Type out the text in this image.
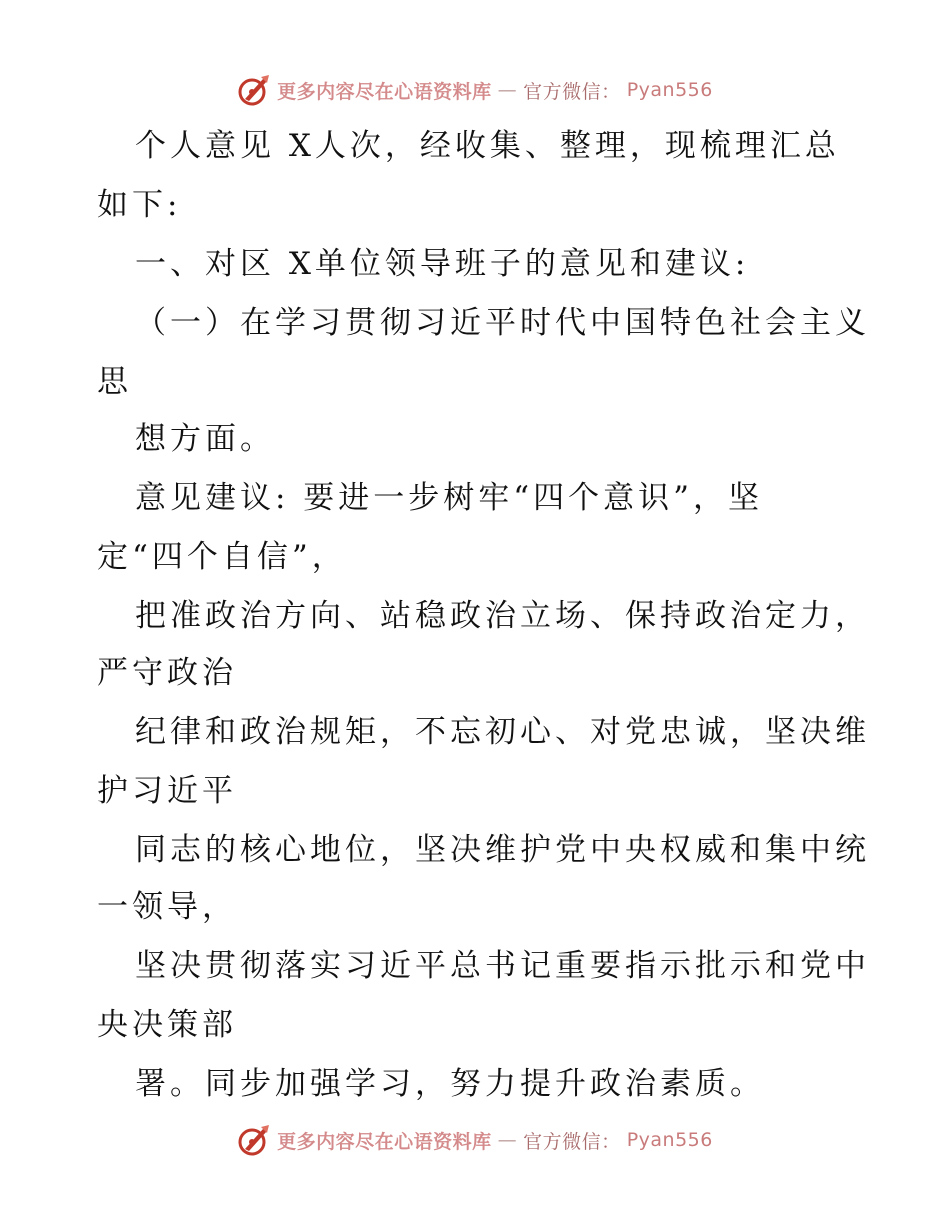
更多内容尽在心语资料库 — 官方微信： Pyan556
个人意见 X人次，经收集、整理，现梳理汇总
如下:
一、对区 X单位领导班子的意见和建议:
（一）在学习贯彻习近平时代中国特色社会主义
思
想方面。
意见建议: 要进一步树牢“四个意识”，坚
定“四个自信”，
把准政治方向、站稳政治立场、保持政治定力，
严守政治
纪律和政治规矩，不忘初心、对党忠诚，坚决维
护习近平
同志的核心地位，坚决维护党中央权威和集中统
一领导，
坚决贯彻落实习近平总书记重要指示批示和党中
央决策部
署。同步加强学习，努力提升政治素质。
更多内容尽在心语资料库 — 官方微信： Pyan556
